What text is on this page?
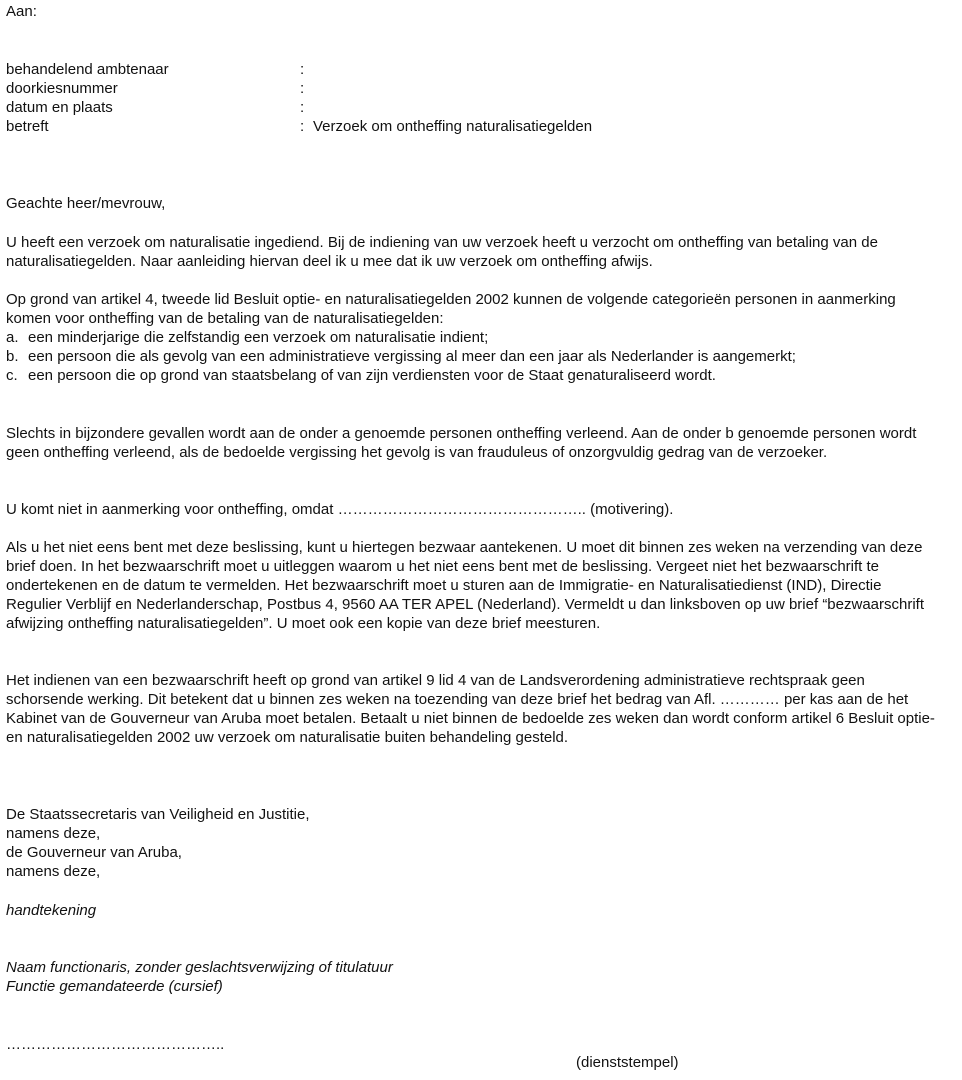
Aan:
behandelend ambtenaar	:
doorkiesnummer	:
datum en plaats	:
betreft	: Verzoek om ontheffing naturalisatiegelden
Geachte heer/mevrouw,
U heeft een verzoek om naturalisatie ingediend. Bij de indiening van uw verzoek heeft u verzocht om ontheffing van betaling van de naturalisatiegelden. Naar aanleiding hiervan deel ik u mee dat ik uw verzoek om ontheffing afwijs.
Op grond van artikel 4, tweede lid Besluit optie- en naturalisatiegelden 2002 kunnen de volgende categorieën personen in aanmerking komen voor ontheffing van de betaling van de naturalisatiegelden:
a. een minderjarige die zelfstandig een verzoek om naturalisatie indient;
b. een persoon die als gevolg van een administratieve vergissing al meer dan een jaar als Nederlander is aangemerkt;
c. een persoon die op grond van staatsbelang of van zijn verdiensten voor de Staat genaturaliseerd wordt.
Slechts in bijzondere gevallen wordt aan de onder a genoemde personen ontheffing verleend. Aan de onder b genoemde personen wordt geen ontheffing verleend, als de bedoelde vergissing het gevolg is van frauduleus of onzorgvuldig gedrag van de verzoeker.
U komt niet in aanmerking voor ontheffing, omdat ………………………………………….. (motivering).
Als u het niet eens bent met deze beslissing, kunt u hiertegen bezwaar aantekenen. U moet dit binnen zes weken na verzending van deze brief doen. In het bezwaarschrift moet u uitleggen waarom u het niet eens bent met de beslissing. Vergeet niet het bezwaarschrift te ondertekenen en de datum te vermelden. Het bezwaarschrift moet u sturen aan de Immigratie- en Naturalisatiedienst (IND), Directie Regulier Verblijf en Nederlanderschap, Postbus 4, 9560 AA TER APEL (Nederland). Vermeldt u dan linksboven op uw brief “bezwaarschrift afwijzing ontheffing naturalisatiegelden”. U moet ook een kopie van deze brief meesturen.
Het indienen van een bezwaarschrift heeft op grond van artikel 9 lid 4 van de Landsverordening administratieve rechtspraak geen schorsende werking. Dit betekent dat u binnen zes weken na toezending van deze brief het bedrag van Afl. ………… per kas aan de het Kabinet van de Gouverneur van Aruba moet betalen. Betaalt u niet binnen de bedoelde zes weken dan wordt conform artikel 6 Besluit optie- en naturalisatiegelden 2002 uw verzoek om naturalisatie buiten behandeling gesteld.
De Staatssecretaris van Veiligheid en Justitie,
namens deze,
de Gouverneur van Aruba,
namens deze,
handtekening
Naam functionaris, zonder geslachtsverwijzing of titulatuur
Functie gemandateerde (cursief)
……………………………………..
(dienststempel)
